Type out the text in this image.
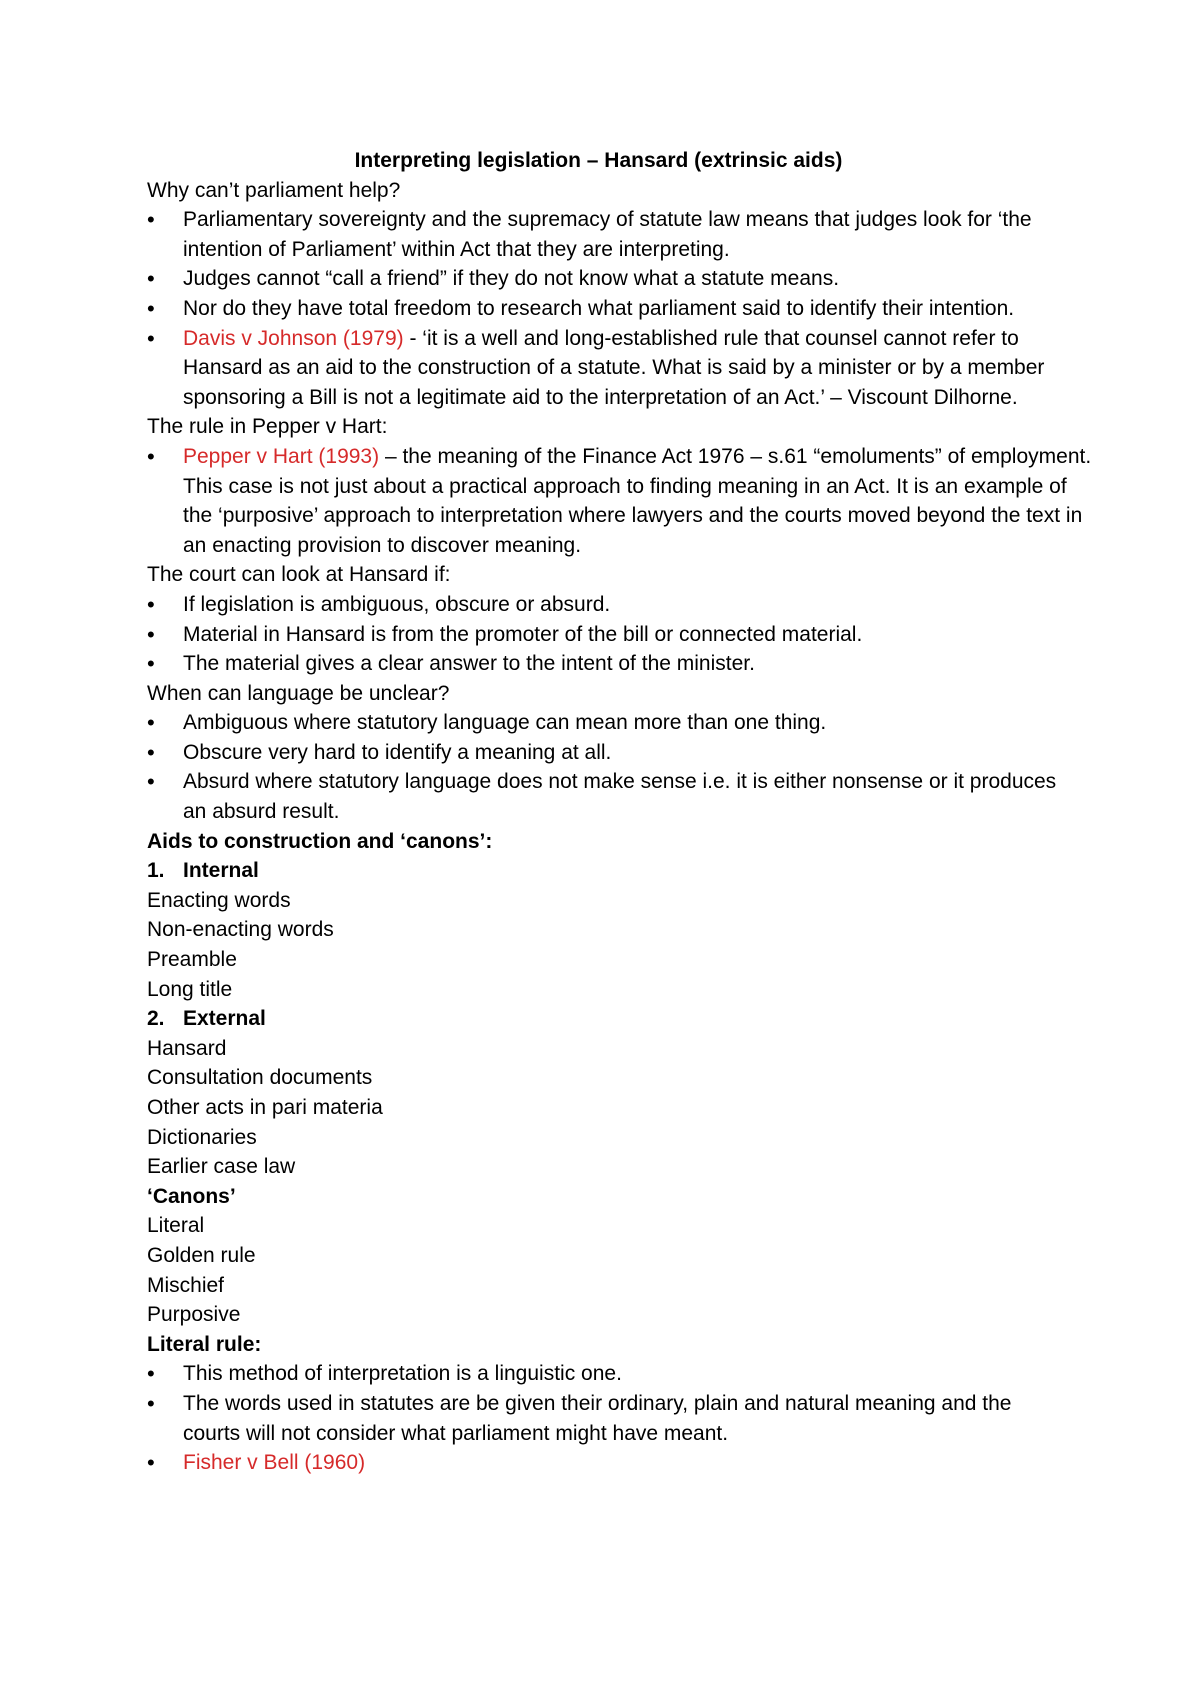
Interpreting legislation – Hansard (extrinsic aids)
Why can’t parliament help?
• Parliamentary sovereignty and the supremacy of statute law means that judges look for ‘the intention of Parliament’ within Act that they are interpreting.
• Judges cannot “call a friend” if they do not know what a statute means.
• Nor do they have total freedom to research what parliament said to identify their intention.
• Davis v Johnson (1979) - ‘it is a well and long-established rule that counsel cannot refer to Hansard as an aid to the construction of a statute. What is said by a minister or by a member sponsoring a Bill is not a legitimate aid to the interpretation of an Act.’ – Viscount Dilhorne.
The rule in Pepper v Hart:
• Pepper v Hart (1993) – the meaning of the Finance Act 1976 – s.61 “emoluments” of employment. This case is not just about a practical approach to finding meaning in an Act. It is an example of the ‘purposive’ approach to interpretation where lawyers and the courts moved beyond the text in an enacting provision to discover meaning.
The court can look at Hansard if:
• If legislation is ambiguous, obscure or absurd.
• Material in Hansard is from the promoter of the bill or connected material.
• The material gives a clear answer to the intent of the minister.
When can language be unclear?
• Ambiguous where statutory language can mean more than one thing.
• Obscure very hard to identify a meaning at all.
• Absurd where statutory language does not make sense i.e. it is either nonsense or it produces an absurd result.
Aids to construction and ‘canons’:
1. Internal
Enacting words
Non-enacting words
Preamble
Long title
2. External
Hansard
Consultation documents
Other acts in pari materia
Dictionaries
Earlier case law
‘Canons’
Literal
Golden rule
Mischief
Purposive
Literal rule:
• This method of interpretation is a linguistic one.
• The words used in statutes are be given their ordinary, plain and natural meaning and the courts will not consider what parliament might have meant.
• Fisher v Bell (1960)
